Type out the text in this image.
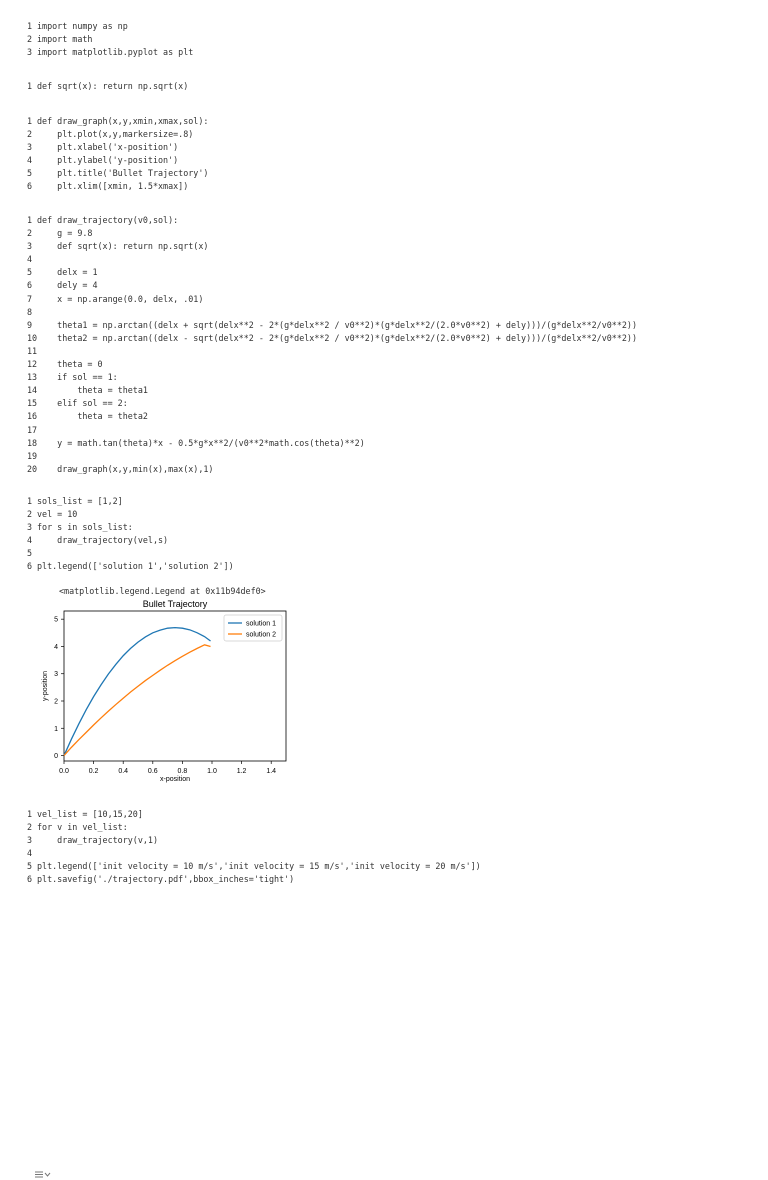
1 import numpy as np
2 import math
3 import matplotlib.pyplot as plt
1 def sqrt(x): return np.sqrt(x)
1 def draw_graph(x,y,xmin,xmax,sol):
2    plt.plot(x,y,markersize=.8)
3    plt.xlabel('x-position')
4    plt.ylabel('y-position')
5    plt.title('Bullet Trajectory')
6    plt.xlim([xmin, 1.5*xmax])
1 def draw_trajectory(v0,sol):
2    g = 9.8
3    def sqrt(x): return np.sqrt(x)
4
5    delx = 1
6    dely = 4
7    x = np.arange(0.0, delx, .01)
8
9    theta1 = np.arctan((delx + sqrt(delx**2 - 2*(g*delx**2 / v0**2)*(g*delx**2/(2.0*v0**2) + dely)))/(g*delx**2/v0**2))
10    theta2 = np.arctan((delx - sqrt(delx**2 - 2*(g*delx**2 / v0**2)*(g*delx**2/(2.0*v0**2) + dely)))/(g*delx**2/v0**2))
11
12    theta = 0
13    if sol == 1:
14        theta = theta1
15    elif sol == 2:
16        theta = theta2
17
18    y = math.tan(theta)*x - 0.5*g*x**2/(v0**2*math.cos(theta)**2)
19
20    draw_graph(x,y,min(x),max(x),1)
1 sols_list = [1,2]
2 vel = 10
3 for s in sols_list:
4    draw_trajectory(vel,s)
5
6 plt.legend(['solution 1','solution 2'])
1 vel_list = [10,15,20]
2 for v in vel_list:
3    draw_trajectory(v,1)
4
5 plt.legend(['init velocity = 10 m/s','init velocity = 15 m/s','init velocity = 20 m/s'])
6 plt.savefig('./trajectory.pdf',bbox_inches='tight')

<matplotlib.legend.Legend at 0x11b94def0>

Bullet Trajectory
0.0	0.2	0.4	0.6	0.8	1.0	1.2	1.4
0
1
2
3
4
5
x-position
y-position
solution 1
solution 2
